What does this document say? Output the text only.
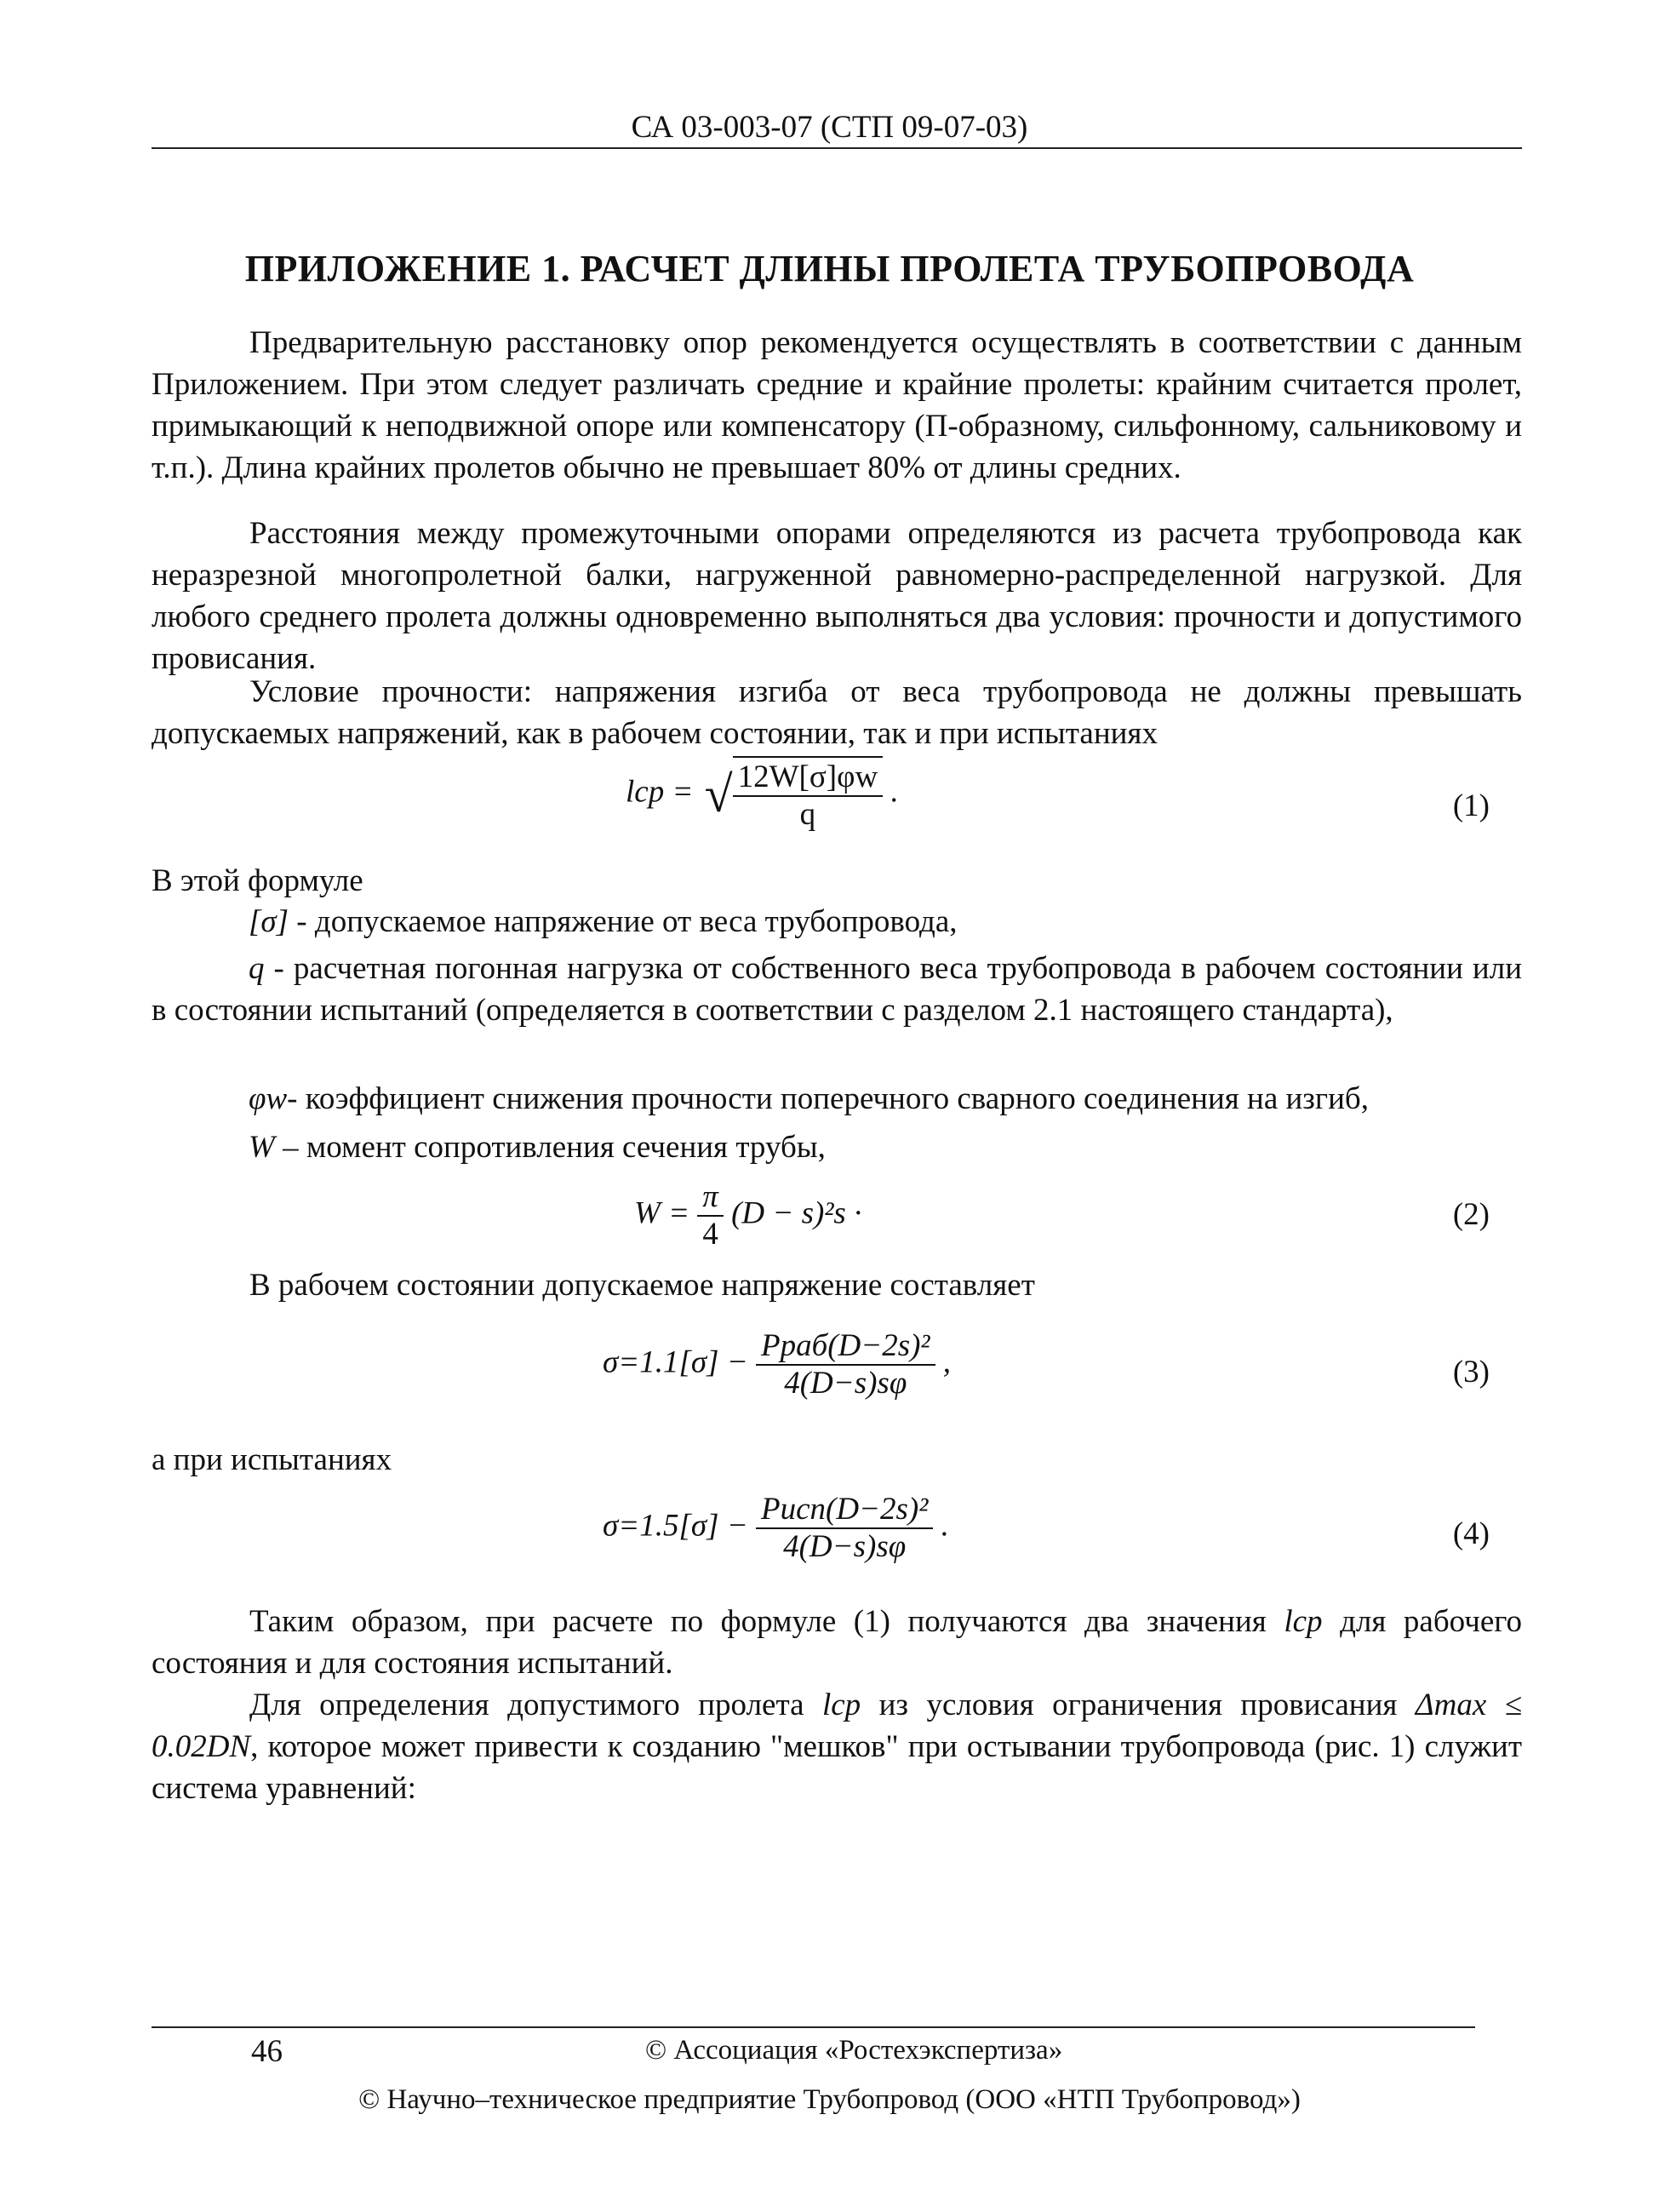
СА 03-003-07 (СТП 09-07-03)
ПРИЛОЖЕНИЕ 1. РАСЧЕТ ДЛИНЫ ПРОЛЕТА ТРУБОПРОВОДА
Предварительную расстановку опор рекомендуется осуществлять в соответствии с данным Приложением. При этом следует различать средние и крайние пролеты: крайним считается пролет, примыкающий к неподвижной опоре или компенсатору (П-образному, сильфонному, сальниковому и т.п.). Длина крайних пролетов обычно не превышает 80% от длины средних.
Расстояния между промежуточными опорами определяются из расчета трубопровода как неразрезной многопролетной балки, нагруженной равномерно-распределенной нагрузкой. Для любого среднего пролета должны одновременно выполняться два условия: прочности и допустимого провисания.
Условие прочности: напряжения изгиба от веса трубопровода не должны превышать допускаемых напряжений, как в рабочем состоянии, так и при испытаниях
lср = √ $\frac{12W[\sigma]\varphi w}{q}$ .	(1)
В этой формуле
[σ] - допускаемое напряжение от веса трубопровода,
q - расчетная погонная нагрузка от собственного веса трубопровода в рабочем состоянии или в состоянии испытаний (определяется в соответствии с разделом 2.1 настоящего стандарта),
φw- коэффициент снижения прочности поперечного сварного соединения на изгиб,
W – момент сопротивления сечения трубы,
$W = \frac{\pi}{4} (D - s)^2s$ ·	(2)
В рабочем состоянии допускаемое напряжение составляет
$\sigma=1.1[\sigma] - \frac{\text{Pраб(D−2s)²}}{4(D-s)s\varphi}$ ,	(3)
а при испытаниях
$\sigma=1.5[\sigma] - \frac{\text{Pисп(D−2s)²}}{4(D-s)s\varphi}$ .	(4)
Таким образом, при расчете по формуле (1) получаются два значения lср для рабочего состояния и для состояния испытаний.
Для определения допустимого пролета lср из условия ограничения провисания Δmax ≤ 0.02DN, которое может привести к созданию "мешков" при остывании трубопровода (рис. 1) служит система уравнений:
46	© Ассоциация «Ростехэкспертиза»
© Научно–техническое предприятие Трубопровод (ООО «НТП Трубопровод»)
